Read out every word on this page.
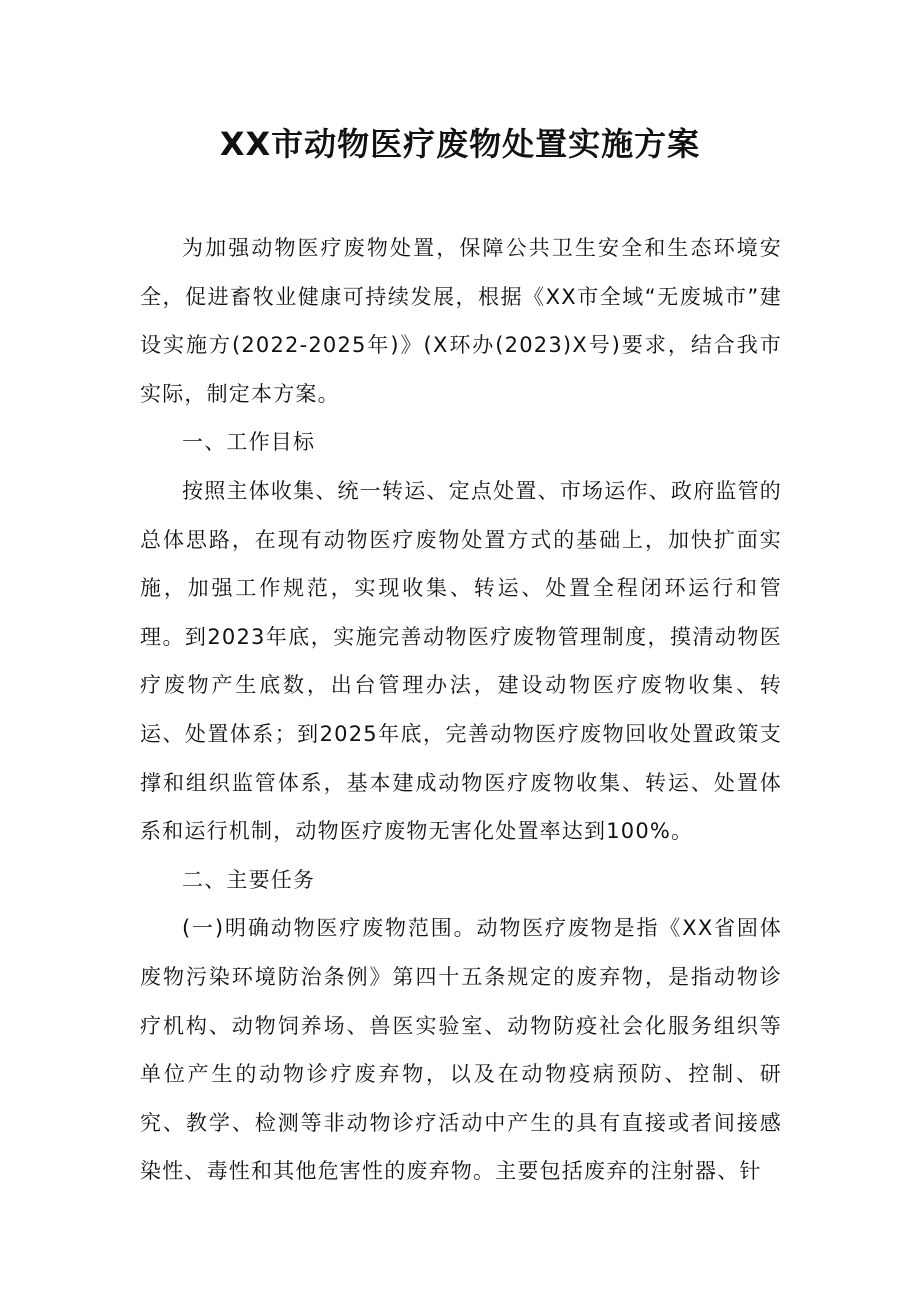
XX市动物医疗废物处置实施方案

为加强动物医疗废物处置，保障公共卫生安全和生态环境安全，促进畜牧业健康可持续发展，根据《XX市全域“无废城市”建设实施方(2022-2025年)》(X环办(2023)X号)要求，结合我市实际，制定本方案。

一、工作目标

按照主体收集、统一转运、定点处置、市场运作、政府监管的总体思路，在现有动物医疗废物处置方式的基础上，加快扩面实施，加强工作规范，实现收集、转运、处置全程闭环运行和管理。到2023年底，实施完善动物医疗废物管理制度，摸清动物医疗废物产生底数，出台管理办法，建设动物医疗废物收集、转运、处置体系；到2025年底，完善动物医疗废物回收处置政策支撑和组织监管体系，基本建成动物医疗废物收集、转运、处置体系和运行机制，动物医疗废物无害化处置率达到100%。

二、主要任务

(一)明确动物医疗废物范围。动物医疗废物是指《XX省固体废物污染环境防治条例》第四十五条规定的废弃物，是指动物诊疗机构、动物饲养场、兽医实验室、动物防疫社会化服务组织等单位产生的动物诊疗废弃物，以及在动物疫病预防、控制、研究、教学、检测等非动物诊疗活动中产生的具有直接或者间接感染性、毒性和其他危害性的废弃物。主要包括废弃的注射器、针
